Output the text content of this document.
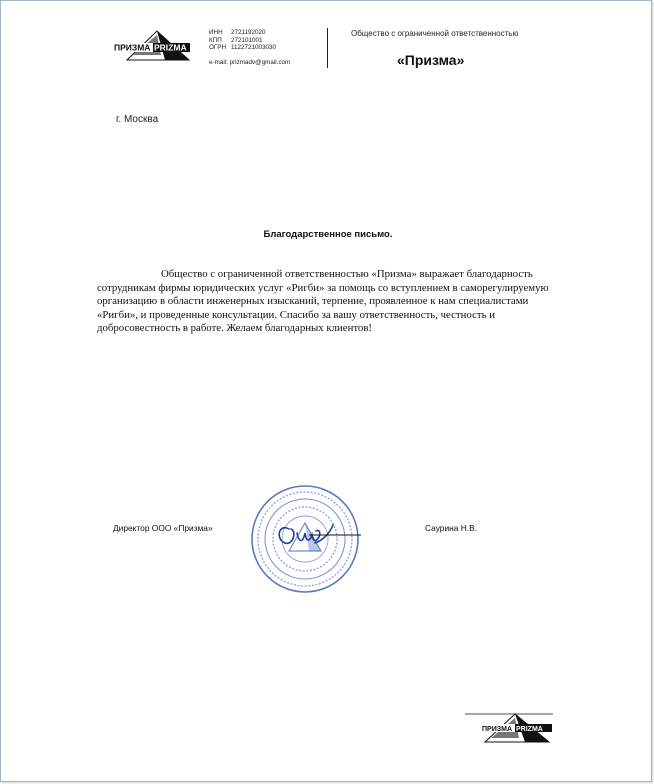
ПРИЗМА PRIZMA
ИНН 2721192020
КПП 272101001
ОГРН 1122721003030
e-mail: prizmadv@gmail.com
Общество с ограниченной ответственностью
«Призма»
г. Москва
Благодарственное письмо.

Общество с ограниченной ответственностью «Призма» выражает благодарность сотрудникам фирмы юридических услуг «Ригби» за помощь со вступлением в саморегулируемую организацию в области инженерных изысканий, терпение, проявленное к нам специалистами «Ригби», и проведенные консультации. Спасибо за вашу ответственность, честность и добросовестность в работе. Желаем благодарных клиентов!

Директор ООО «Призма»	Саурина Н.В.
ПРИЗМА PRIZMA
